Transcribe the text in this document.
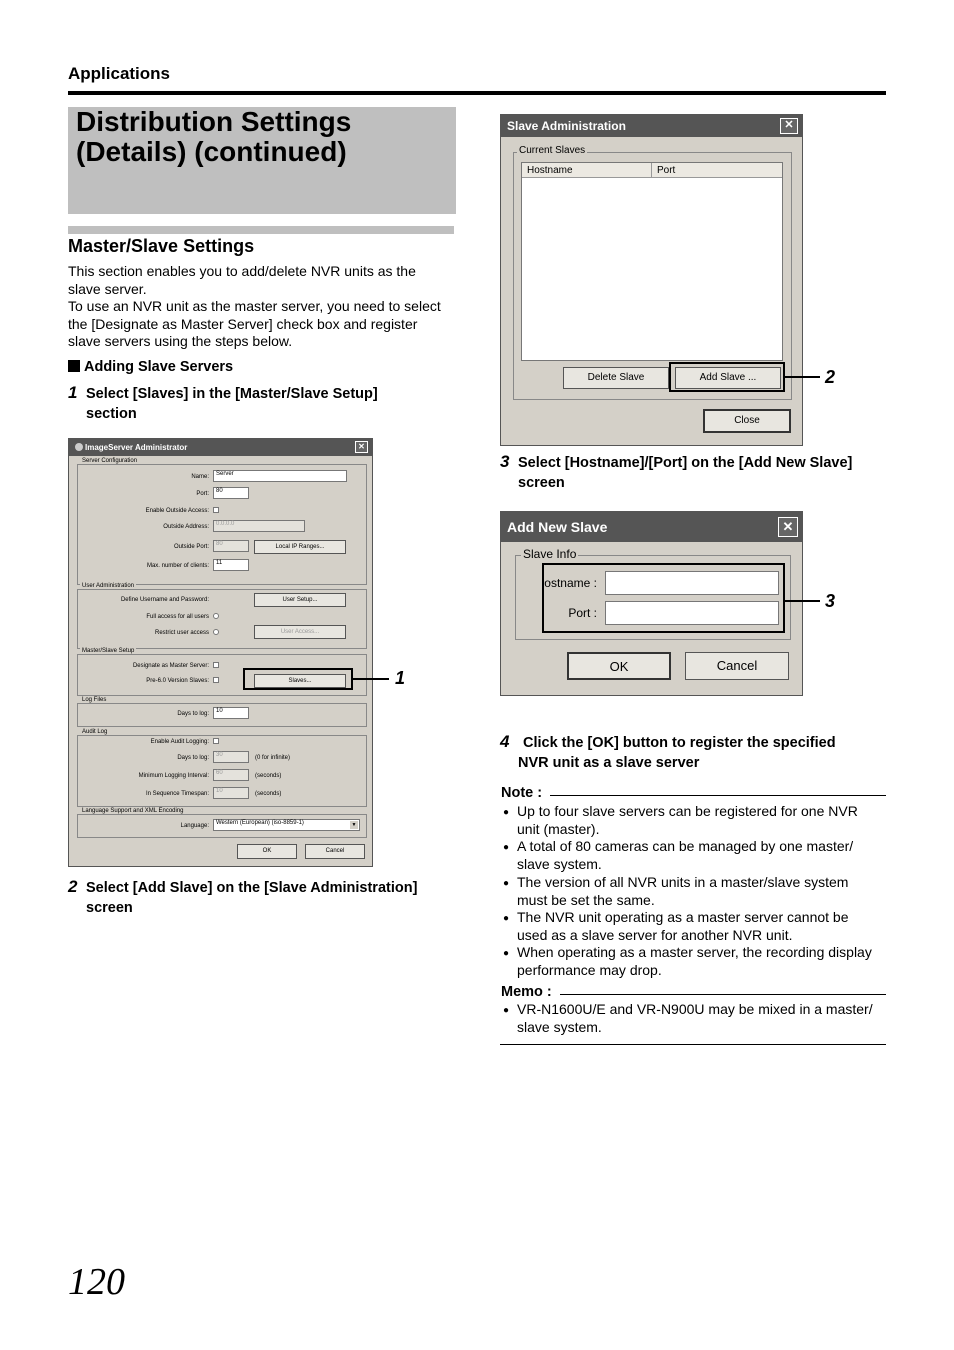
Applications
Distribution Settings
(Details) (continued)
Master/Slave Settings
This section enables you to add/delete NVR units as the
slave server.
To use an NVR unit as the master server, you need to select
the [Designate as Master Server] check box and register
slave servers using the steps below.
Adding Slave Servers
1 Select [Slaves] in the [Master/Slave Setup]
section
ImageServer Administrator	✕
Server Configuration
Name:	Server
Port:	80
Enable Outside Access:
Outside Address:	0.0.0.0
Outside Port:	80	Local IP Ranges...
Max. number of clients:	11
User Administration
Define Username and Password:	User Setup...
Full access for all users
Restrict user access	User Access...
Master/Slave Setup
Designate as Master Server:
Pre-6.0 Version Slaves:	Slaves...
Log Files
Days to log:	10
Audit Log
Enable Audit Logging:
Days to log:	30	(0 for infinite)
Minimum Logging Interval:	60	(seconds)
In Sequence Timespan:	10	(seconds)
Language Support and XML Encoding
Language:	Western (European) (iso-8859-1)	▼
OK	Cancel
1
2 Select [Add Slave] on the [Slave Administration]
screen
Slave Administration	✕
Current Slaves
Hostname	Port
Delete Slave	Add Slave ...
Close
2
3 Select [Hostname]/[Port] on the [Add New Slave]
screen
Add New Slave	✕
Slave Info
ostname :
Port :
OK	Cancel
3
4 Click the [OK] button to register the specified
NVR unit as a slave server
Note :
● Up to four slave servers can be registered for one NVR
unit (master).
● A total of 80 cameras can be managed by one master/
slave system.
● The version of all NVR units in a master/slave system
must be set the same.
● The NVR unit operating as a master server cannot be
used as a slave server for another NVR unit.
● When operating as a master server, the recording display
performance may drop.
Memo :
● VR-N1600U/E and VR-N900U may be mixed in a master/
slave system.
120
